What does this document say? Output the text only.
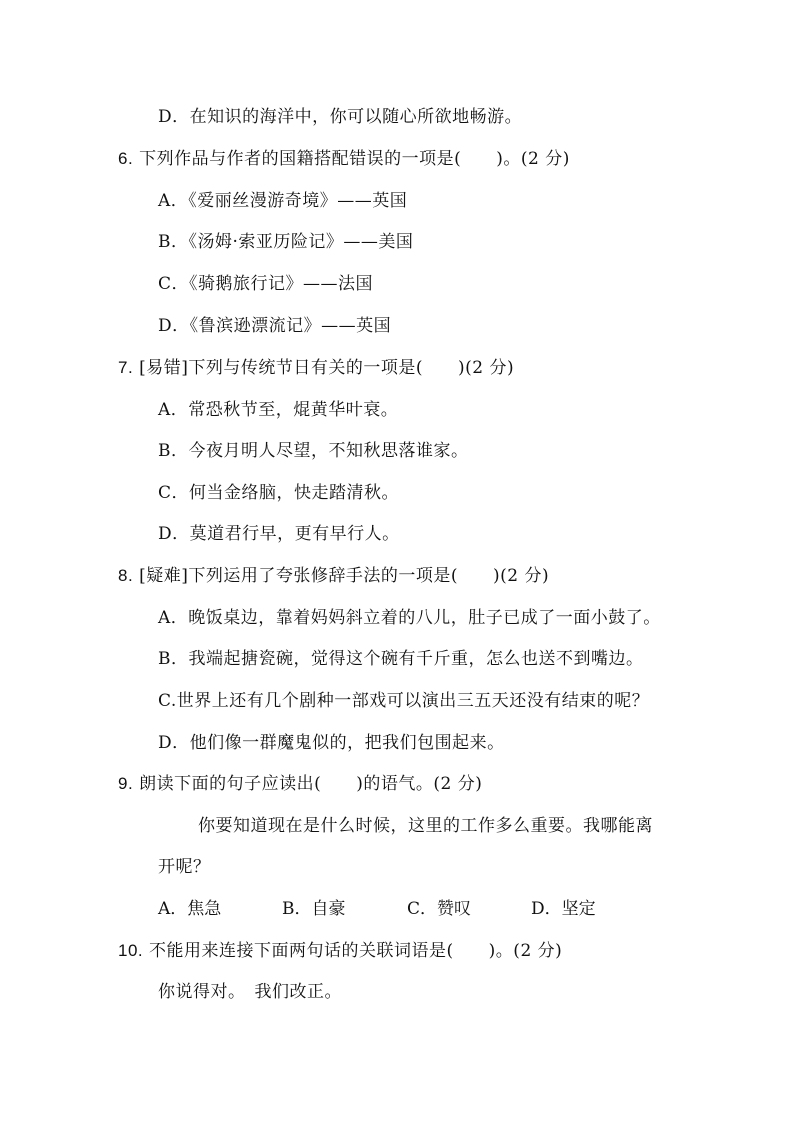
D．在知识的海洋中，你可以随心所欲地畅游。
6. 下列作品与作者的国籍搭配错误的一项是(　　)。(2 分)
A．《爱丽丝漫游奇境》——英国
B．《汤姆·索亚历险记》——美国
C．《骑鹅旅行记》——法国
D．《鲁滨逊漂流记》——英国
7. [易错]下列与传统节日有关的一项是(　　)(2 分)
A．常恐秋节至，焜黄华叶衰。
B．今夜月明人尽望，不知秋思落谁家。
C．何当金络脑，快走踏清秋。
D．莫道君行早，更有早行人。
8. [疑难]下列运用了夸张修辞手法的一项是(　　)(2 分)
A．晚饭桌边，靠着妈妈斜立着的八儿，肚子已成了一面小鼓了。
B．我端起搪瓷碗，觉得这个碗有千斤重，怎么也送不到嘴边。
C.世界上还有几个剧种一部戏可以演出三五天还没有结束的呢？
D．他们像一群魔鬼似的，把我们包围起来。
9. 朗读下面的句子应读出(　　)的语气。(2 分)
你要知道现在是什么时候，这里的工作多么重要。我哪能离
开呢？
A．焦急	B．自豪	C．赞叹	D．坚定
10. 不能用来连接下面两句话的关联词语是(　　)。(2 分)
你说得对。　我们改正。
